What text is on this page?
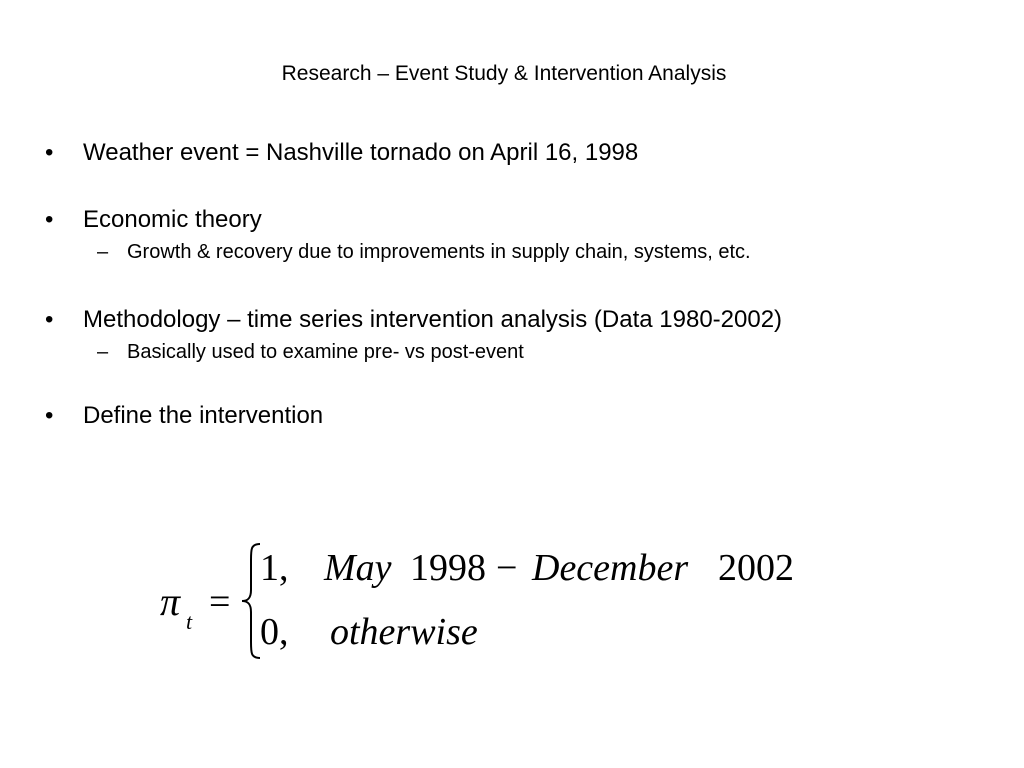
Research – Event Study & Intervention Analysis
• Weather event = Nashville tornado on April 16, 1998
• Economic theory
– Growth & recovery due to improvements in supply chain, systems, etc.
• Methodology – time series intervention analysis (Data 1980-2002)
– Basically used to examine pre- vs post-event
• Define the intervention
π t =
1, May 1998 − December 2002
0, otherwise
